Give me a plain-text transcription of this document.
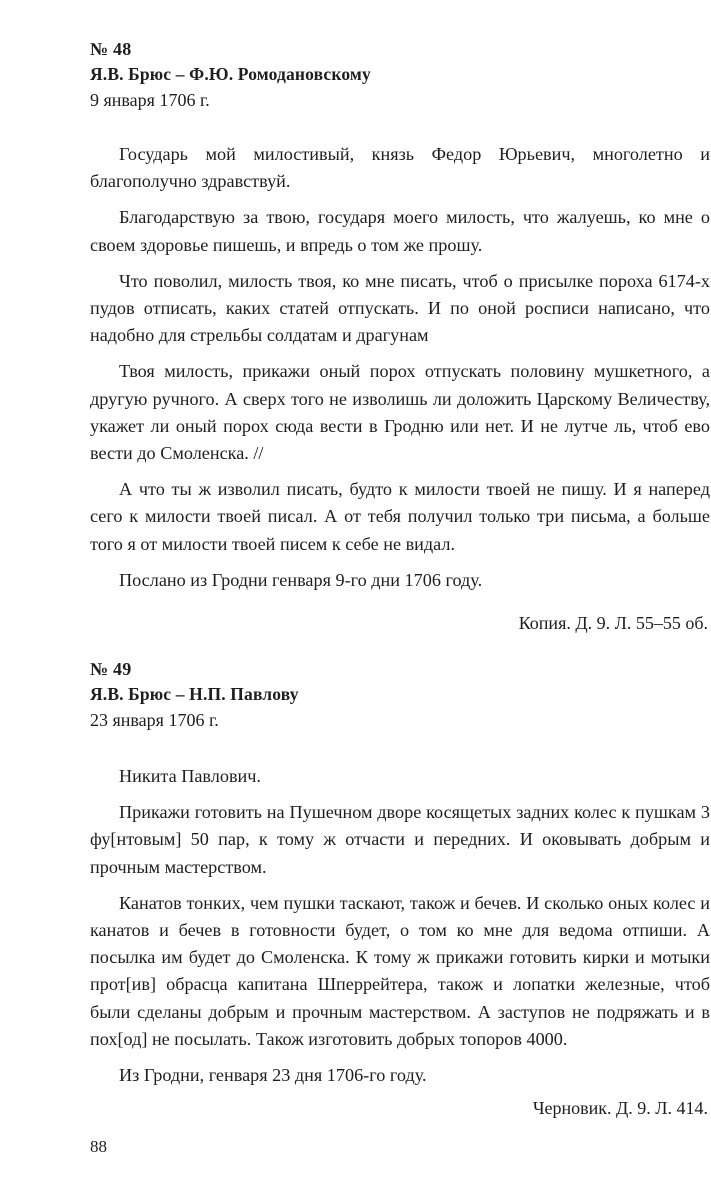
№ 48
Я.В. Брюс – Ф.Ю. Ромодановскому
9 января 1706 г.

Государь мой милостивый, князь Федор Юрьевич, многолетно и благополучно здравствуй.

Благодарствую за твою, государя моего милость, что жалуешь, ко мне о своем здоровье пишешь, и впредь о том же прошу.

Что поволил, милость твоя, ко мне писать, чтоб о присылке пороха 6174-х пудов отписать, каких статей отпускать. И по оной росписи написано, что надобно для стрельбы солдатам и драгунам

Твоя милость, прикажи оный порох отпускать половину мушкетного, а другую ручного. А сверх того не изволишь ли доложить Царскому Величеству, укажет ли оный порох сюда вести в Гродню или нет. И не лутче ль, чтоб ево вести до Смоленска. //

А что ты ж изволил писать, будто к милости твоей не пишу. И я наперед сего к милости твоей писал. А от тебя получил только три письма, а больше того я от милости твоей писем к себе не видал.

Послано из Гродни генваря 9-го дни 1706 году.

Копия. Д. 9. Л. 55–55 об.
№ 49
Я.В. Брюс – Н.П. Павлову
23 января 1706 г.

Никита Павлович.

Прикажи готовить на Пушечном дворе косящетых задних колес к пушкам 3 фу[нтовым] 50 пар, к тому ж отчасти и передних. И оковывать добрым и прочным мастерством.

Канатов тонких, чем пушки таскают, також и бечев. И сколько оных колес и канатов и бечев в готовности будет, о том ко мне для ведома отпиши. А посылка им будет до Смоленска. К тому ж прикажи готовить кирки и мотыки прот[ив] обрасца капитана Шперрейтера, також и лопатки железные, чтоб были сделаны добрым и прочным мастерством. А заступов не подряжать и в пох[од] не посылать. Також изготовить добрых топоров 4000.

Из Гродни, генваря 23 дня 1706-го году.

Черновик. Д. 9. Л. 414.
88
